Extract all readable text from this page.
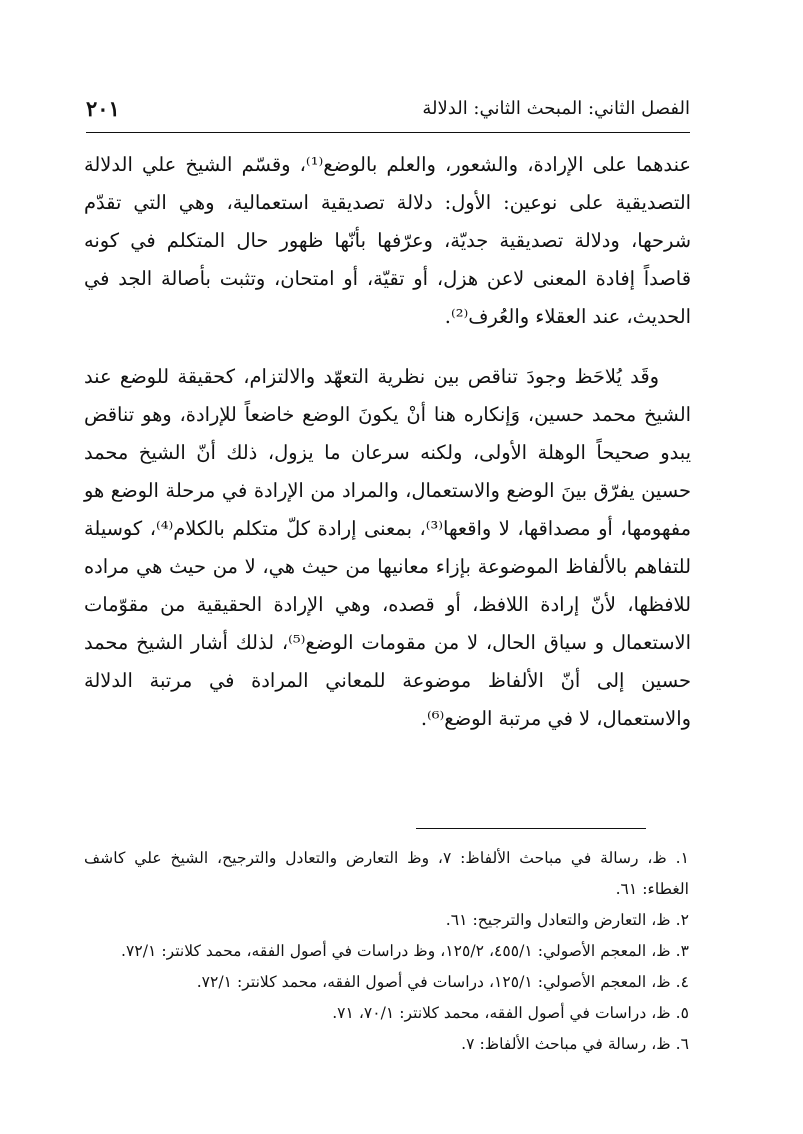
الفصل الثاني: المبحث الثاني: الدلالة
٢٠١

عندهما على الإرادة، والشعور، والعلم بالوضع⁽¹⁾، وقسّم الشيخ علي الدلالة التصديقية على نوعين: الأول: دلالة تصديقية استعمالية، وهي التي تقدّم شرحها، ودلالة تصديقية جديّة، وعرّفها بأنّها ظهور حال المتكلم في كونه قاصداً إفادة المعنى لاعن هزل، أو تقيّة، أو امتحان، وتثبت بأصالة الجد في الحديث، عند العقلاء والعُرف⁽²⁾.

وقَد يُلاحَظ وجودَ تناقص بين نظرية التعهّد والالتزام، كحقيقة للوضع عند الشيخ محمد حسين، وَإنكاره هنا أنْ يكونَ الوضع خاضعاً للإرادة، وهو تناقض يبدو صحيحاً الوهلة الأولى، ولكنه سرعان ما يزول، ذلك أنّ الشيخ محمد حسين يفرّق بينَ الوضع والاستعمال، والمراد من الإرادة في مرحلة الوضع هو مفهومها، أو مصداقها، لا واقعها⁽³⁾، بمعنى إرادة كلّ متكلم بالكلام⁽⁴⁾، كوسيلة للتفاهم بالألفاظ الموضوعة بإزاء معانيها من حيث هي، لا من حيث هي مراده للافظها، لأنّ إرادة اللافظ، أو قصده، وهي الإرادة الحقيقية من مقوّمات الاستعمال و سياق الحال، لا من مقومات الوضع⁽⁵⁾، لذلك أشار الشيخ محمد حسين إلى أنّ الألفاظ موضوعة للمعاني المرادة في مرتبة الدلالة والاستعمال، لا في مرتبة الوضع⁽⁶⁾.

١. ظ، رسالة في مباحث الألفاظ: ٧، وظ التعارض والتعادل والترجيح، الشيخ علي كاشف الغطاء: ٦١.
٢. ظ، التعارض والتعادل والترجيح: ٦١.
٣. ظ، المعجم الأصولي: ٤٥٥/١، ١٢٥/٢، وظ دراسات في أصول الفقه، محمد كلانتر: ٧٢/١.
٤. ظ، المعجم الأصولي: ١٢٥/١، دراسات في أصول الفقه، محمد كلانتر: ٧٢/١.
٥. ظ، دراسات في أصول الفقه، محمد كلانتر: ٧٠/١، ٧١.
٦. ظ، رسالة في مباحث الألفاظ: ٧.
